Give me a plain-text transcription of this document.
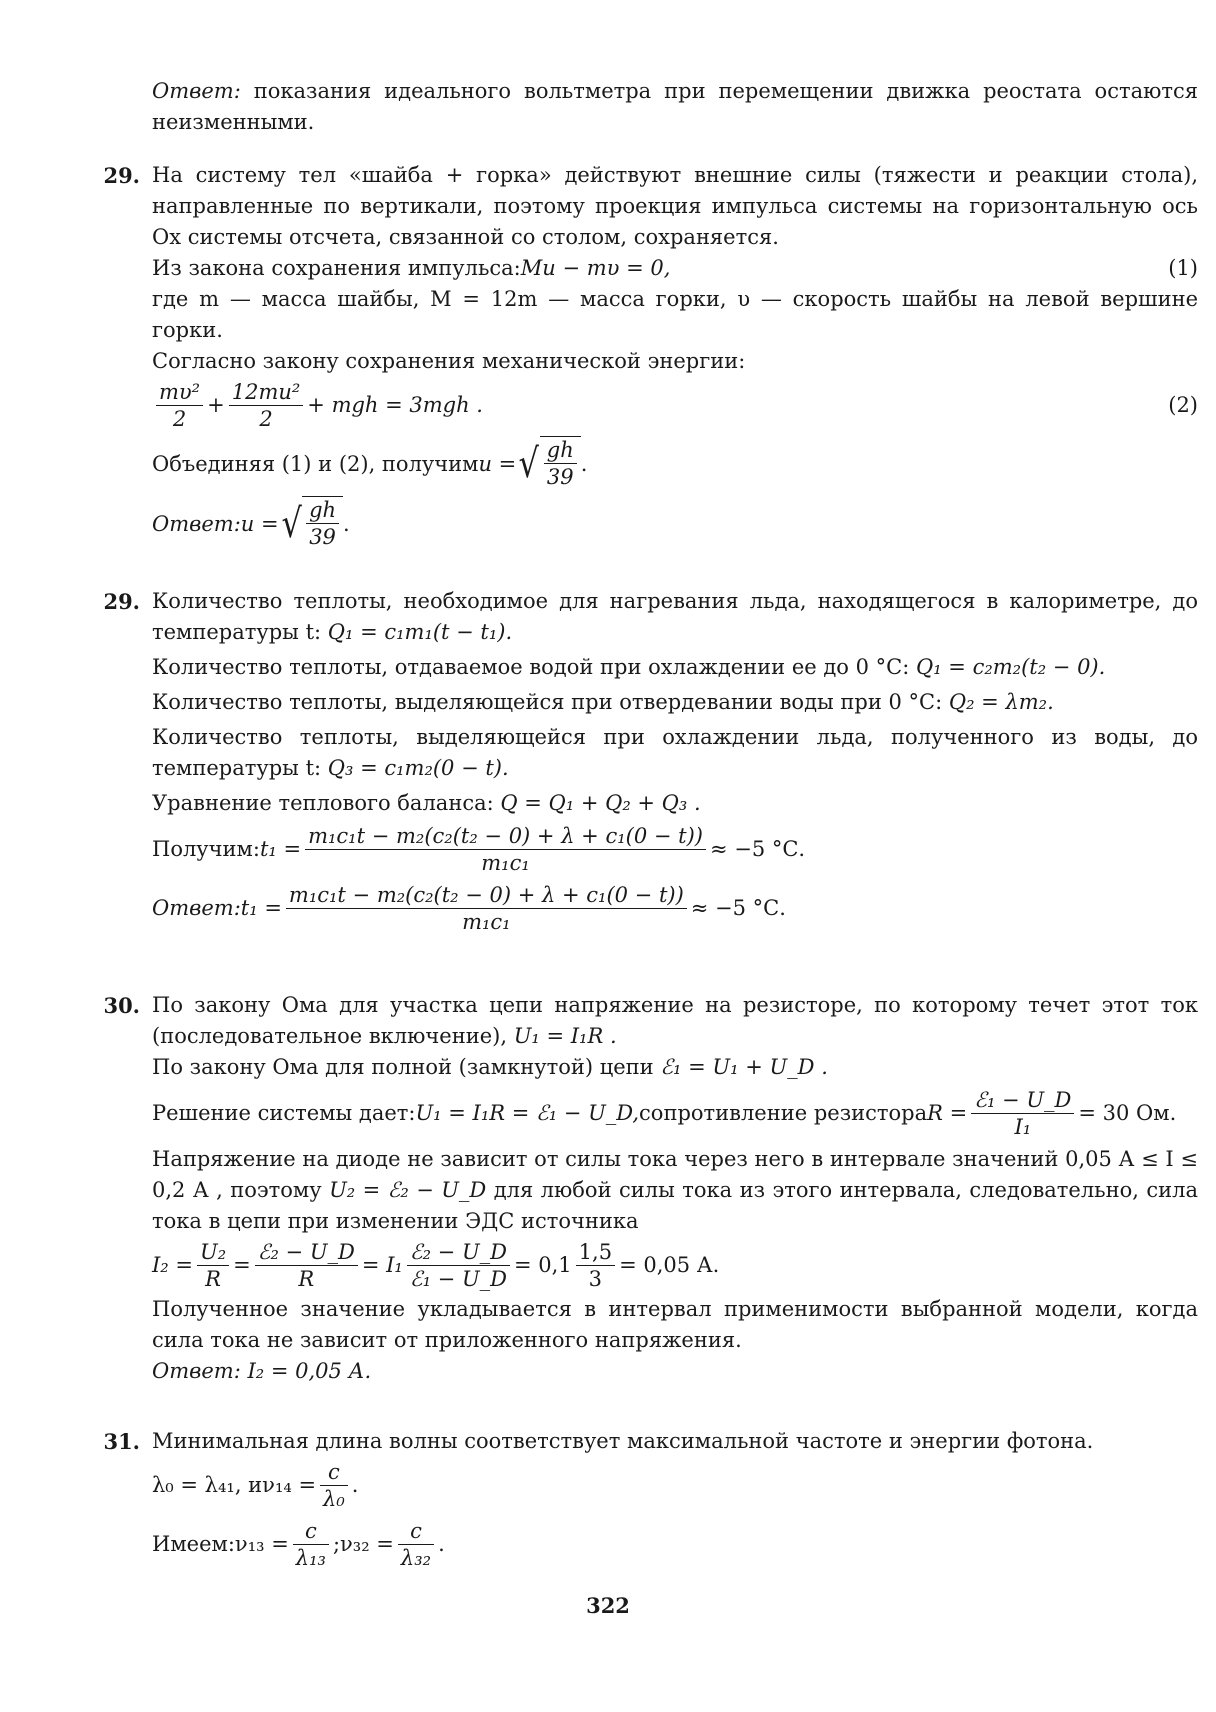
Ответ: показания идеального вольтметра при перемещении движка реостата остаются неизменными.
29. На систему тел «шайба + горка» действуют внешние силы (тяжести и реакции стола), направленные по вертикали, поэтому проекция импульса системы на горизонтальную ось Ox системы отсчета, связанной со столом, сохраняется.
Из закона сохранения импульса: Mu − mυ = 0,	(1)
где m — масса шайбы, M = 12m — масса горки, υ — скорость шайбы на левой вершине горки.
Согласно закону сохранения механической энергии:
$\frac{\text{mυ²}}{2} + \frac{\text{12mu²}}{2}$ + mgh = 3mgh .	(2)
Объединяя (1) и (2), получим u = √ $\frac{gh}{39}$ .
Ответ: u = √ $\frac{gh}{39}$ .
29. Количество теплоты, необходимое для нагревания льда, находящегося в калориметре, до температуры t: Q₁ = c₁m₁(t − t₁).
Количество теплоты, отдаваемое водой при охлаждении ее до 0 °С: Q₁ = c₂m₂(t₂ − 0).
Количество теплоты, выделяющейся при отвердевании воды при 0 °С: Q₂ = λm₂.
Количество теплоты, выделяющейся при охлаждении льда, полученного из воды, до температуры t: Q₃ = c₁m₂(0 − t).
Уравнение теплового баланса: Q = Q₁ + Q₂ + Q₃ .
Получим: $t_1 = \frac{\text{m₁c₁t − m₂(c₂(t₂ − 0) + λ + c₁(0 − t))}}{\text{m₁c₁}} \approx -5$ °С.
Ответ: $t_1 = \frac{\text{m₁c₁t − m₂(c₂(t₂ − 0) + λ + c₁(0 − t))}}{\text{m₁c₁}} \approx -5$ °С.
30. По закону Ома для участка цепи напряжение на резисторе, по которому течет этот ток (последовательное включение), U₁ = I₁R .
По закону Ома для полной (замкнутой) цепи ℰ₁ = U₁ + U_D .
Решение системы дает: U₁ = I₁R = ℰ₁ − U_D, сопротивление резистора $R = \frac{\text{ℰ₁ − U\_D}}{\text{I₁}} = 30$ Ом.
Напряжение на диоде не зависит от силы тока через него в интервале значений 0,05 А ≤ I ≤ 0,2 А , поэтому U₂ = ℰ₂ − U_D для любой силы тока из этого интервала, следовательно, сила тока в цепи при изменении ЭДС источника
$I_2 = \frac{\text{U₂}}{R} = \frac{\text{ℰ₂ − U\_D}}{R} = I_1 \frac{\text{ℰ₂ − U\_D}}{\text{ℰ₁ − U\_D}} = 0,1 \frac{1,5}{3} = 0,05$ А.
Полученное значение укладывается в интервал применимости выбранной модели, когда сила тока не зависит от приложенного напряжения.
Ответ: I₂ = 0,05 А.
31. Минимальная длина волны соответствует максимальной частоте и энергии фотона.
λ₀ = λ₄₁, и $\nu_{14} = \frac{c}{\text{λ₀}}$ .
Имеем: $\nu_{13} = \frac{c}{\text{λ₁₃}}$ ; $\nu_{32} = \frac{c}{\text{λ₃₂}}$ .
322
